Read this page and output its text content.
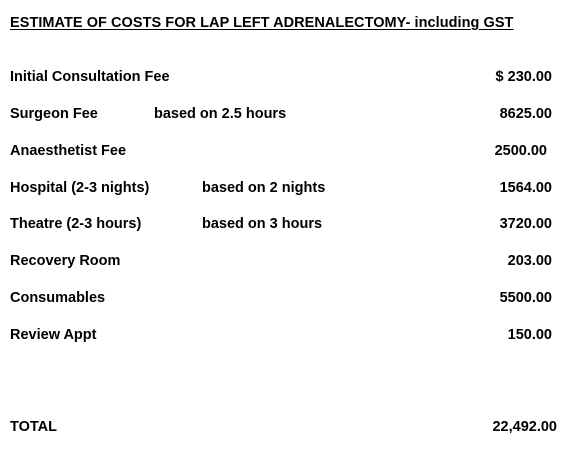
ESTIMATE OF COSTS FOR LAP LEFT ADRENALECTOMY- including GST
Initial Consultation Fee	$ 230.00
Surgeon Fee	based on 2.5 hours	8625.00
Anaesthetist Fee	2500.00
Hospital (2-3 nights)	based on 2 nights	1564.00
Theatre (2-3 hours)	based on 3 hours	3720.00
Recovery Room	203.00
Consumables	5500.00
Review Appt	150.00
TOTAL	22,492.00
